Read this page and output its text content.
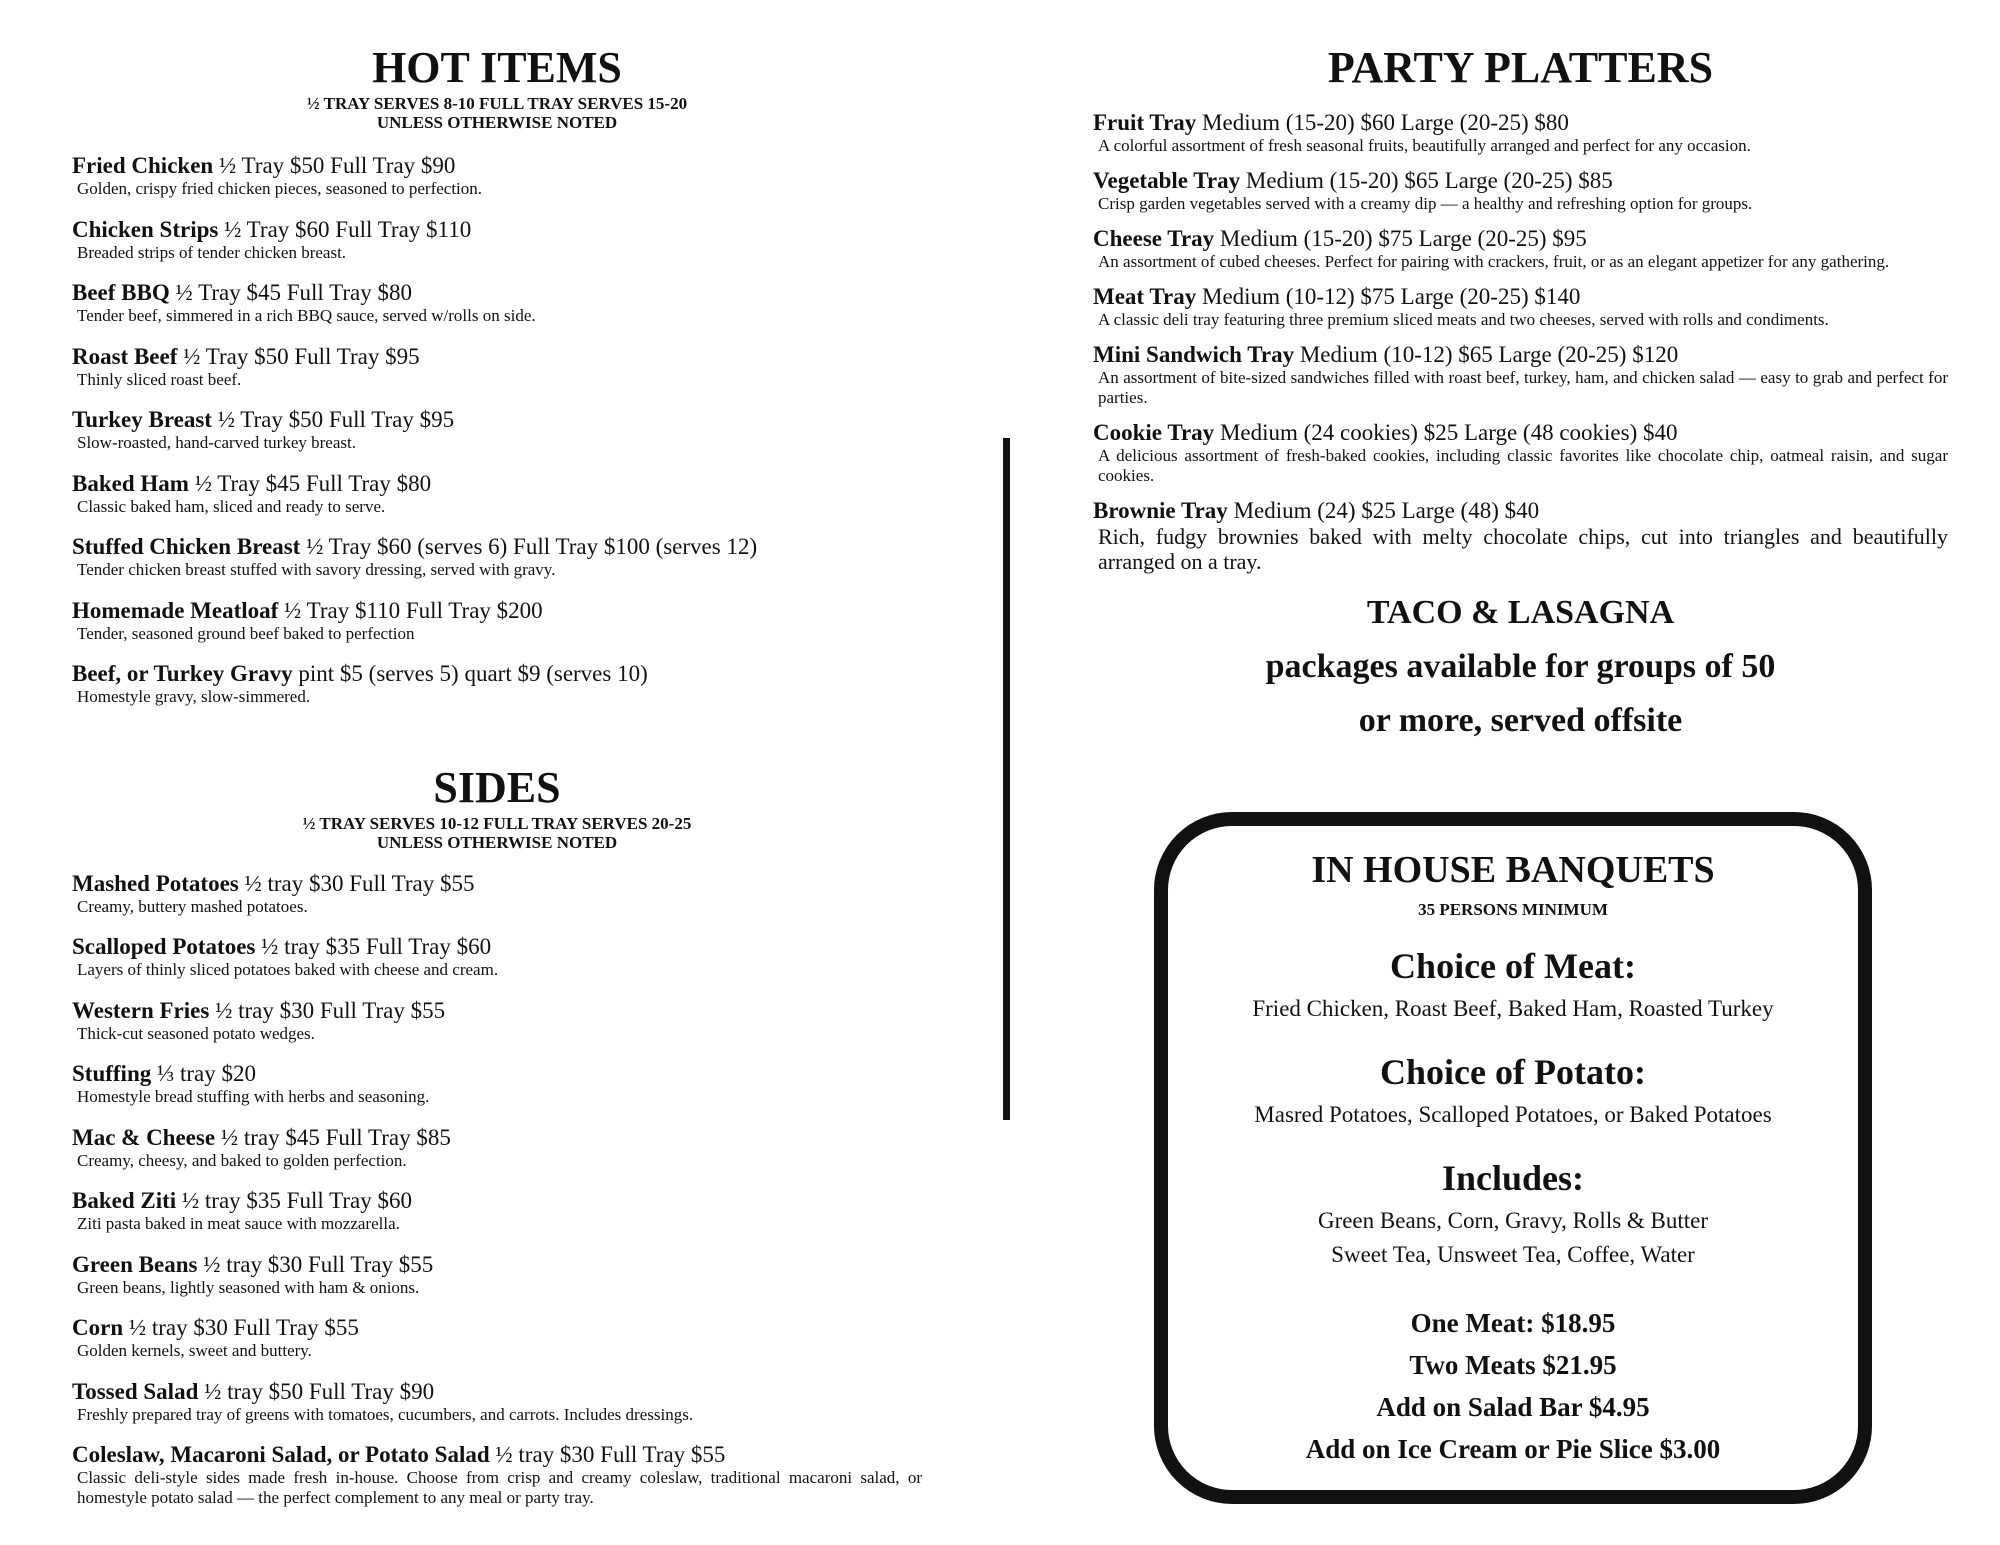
HOT ITEMS
½ TRAY SERVES 8-10 FULL TRAY SERVES 15-20
UNLESS OTHERWISE NOTED
Fried Chicken ½ Tray $50 Full Tray $90
Golden, crispy fried chicken pieces, seasoned to perfection.
Chicken Strips ½ Tray $60 Full Tray $110
Breaded strips of tender chicken breast.
Beef BBQ ½ Tray $45 Full Tray $80
Tender beef, simmered in a rich BBQ sauce, served w/rolls on side.
Roast Beef ½ Tray $50 Full Tray $95
Thinly sliced roast beef.
Turkey Breast ½ Tray $50 Full Tray $95
Slow-roasted, hand-carved turkey breast.
Baked Ham ½ Tray $45 Full Tray $80
Classic baked ham, sliced and ready to serve.
Stuffed Chicken Breast ½ Tray $60 (serves 6) Full Tray $100 (serves 12)
Tender chicken breast stuffed with savory dressing, served with gravy.
Homemade Meatloaf ½ Tray $110 Full Tray $200
Tender, seasoned ground beef baked to perfection
Beef, or Turkey Gravy pint $5 (serves 5) quart $9 (serves 10)
Homestyle gravy, slow-simmered.
SIDES
½ TRAY SERVES 10-12 FULL TRAY SERVES 20-25
UNLESS OTHERWISE NOTED
Mashed Potatoes ½ tray $30 Full Tray $55
Creamy, buttery mashed potatoes.
Scalloped Potatoes ½ tray $35 Full Tray $60
Layers of thinly sliced potatoes baked with cheese and cream.
Western Fries ½ tray $30 Full Tray $55
Thick-cut seasoned potato wedges.
Stuffing ⅓ tray $20
Homestyle bread stuffing with herbs and seasoning.
Mac & Cheese ½ tray $45 Full Tray $85
Creamy, cheesy, and baked to golden perfection.
Baked Ziti ½ tray $35 Full Tray $60
Ziti pasta baked in meat sauce with mozzarella.
Green Beans ½ tray $30 Full Tray $55
Green beans, lightly seasoned with ham & onions.
Corn ½ tray $30 Full Tray $55
Golden kernels, sweet and buttery.
Tossed Salad ½ tray $50 Full Tray $90
Freshly prepared tray of greens with tomatoes, cucumbers, and carrots. Includes dressings.
Coleslaw, Macaroni Salad, or Potato Salad ½ tray $30 Full Tray $55
Classic deli-style sides made fresh in-house. Choose from crisp and creamy coleslaw, traditional macaroni salad, or homestyle potato salad — the perfect complement to any meal or party tray.
PARTY PLATTERS
Fruit Tray Medium (15-20) $60 Large (20-25) $80
A colorful assortment of fresh seasonal fruits, beautifully arranged and perfect for any occasion.
Vegetable Tray Medium (15-20) $65 Large (20-25) $85
Crisp garden vegetables served with a creamy dip — a healthy and refreshing option for groups.
Cheese Tray Medium (15-20) $75 Large (20-25) $95
An assortment of cubed cheeses. Perfect for pairing with crackers, fruit, or as an elegant appetizer for any gathering.
Meat Tray Medium (10-12) $75 Large (20-25) $140
A classic deli tray featuring three premium sliced meats and two cheeses, served with rolls and condiments.
Mini Sandwich Tray Medium (10-12) $65 Large (20-25) $120
An assortment of bite-sized sandwiches filled with roast beef, turkey, ham, and chicken salad — easy to grab and perfect for parties.
Cookie Tray Medium (24 cookies) $25 Large (48 cookies) $40
A delicious assortment of fresh-baked cookies, including classic favorites like chocolate chip, oatmeal raisin, and sugar cookies.
Brownie Tray Medium (24) $25 Large (48) $40
Rich, fudgy brownies baked with melty chocolate chips, cut into triangles and beautifully arranged on a tray.
TACO & LASAGNA
packages available for groups of 50
or more, served offsite
IN HOUSE BANQUETS
35 PERSONS MINIMUM
Choice of Meat:
Fried Chicken, Roast Beef, Baked Ham, Roasted Turkey
Choice of Potato:
Masred Potatoes, Scalloped Potatoes, or Baked Potatoes
Includes:
Green Beans, Corn, Gravy, Rolls & Butter
Sweet Tea, Unsweet Tea, Coffee, Water
One Meat: $18.95
Two Meats $21.95
Add on Salad Bar $4.95
Add on Ice Cream or Pie Slice $3.00
